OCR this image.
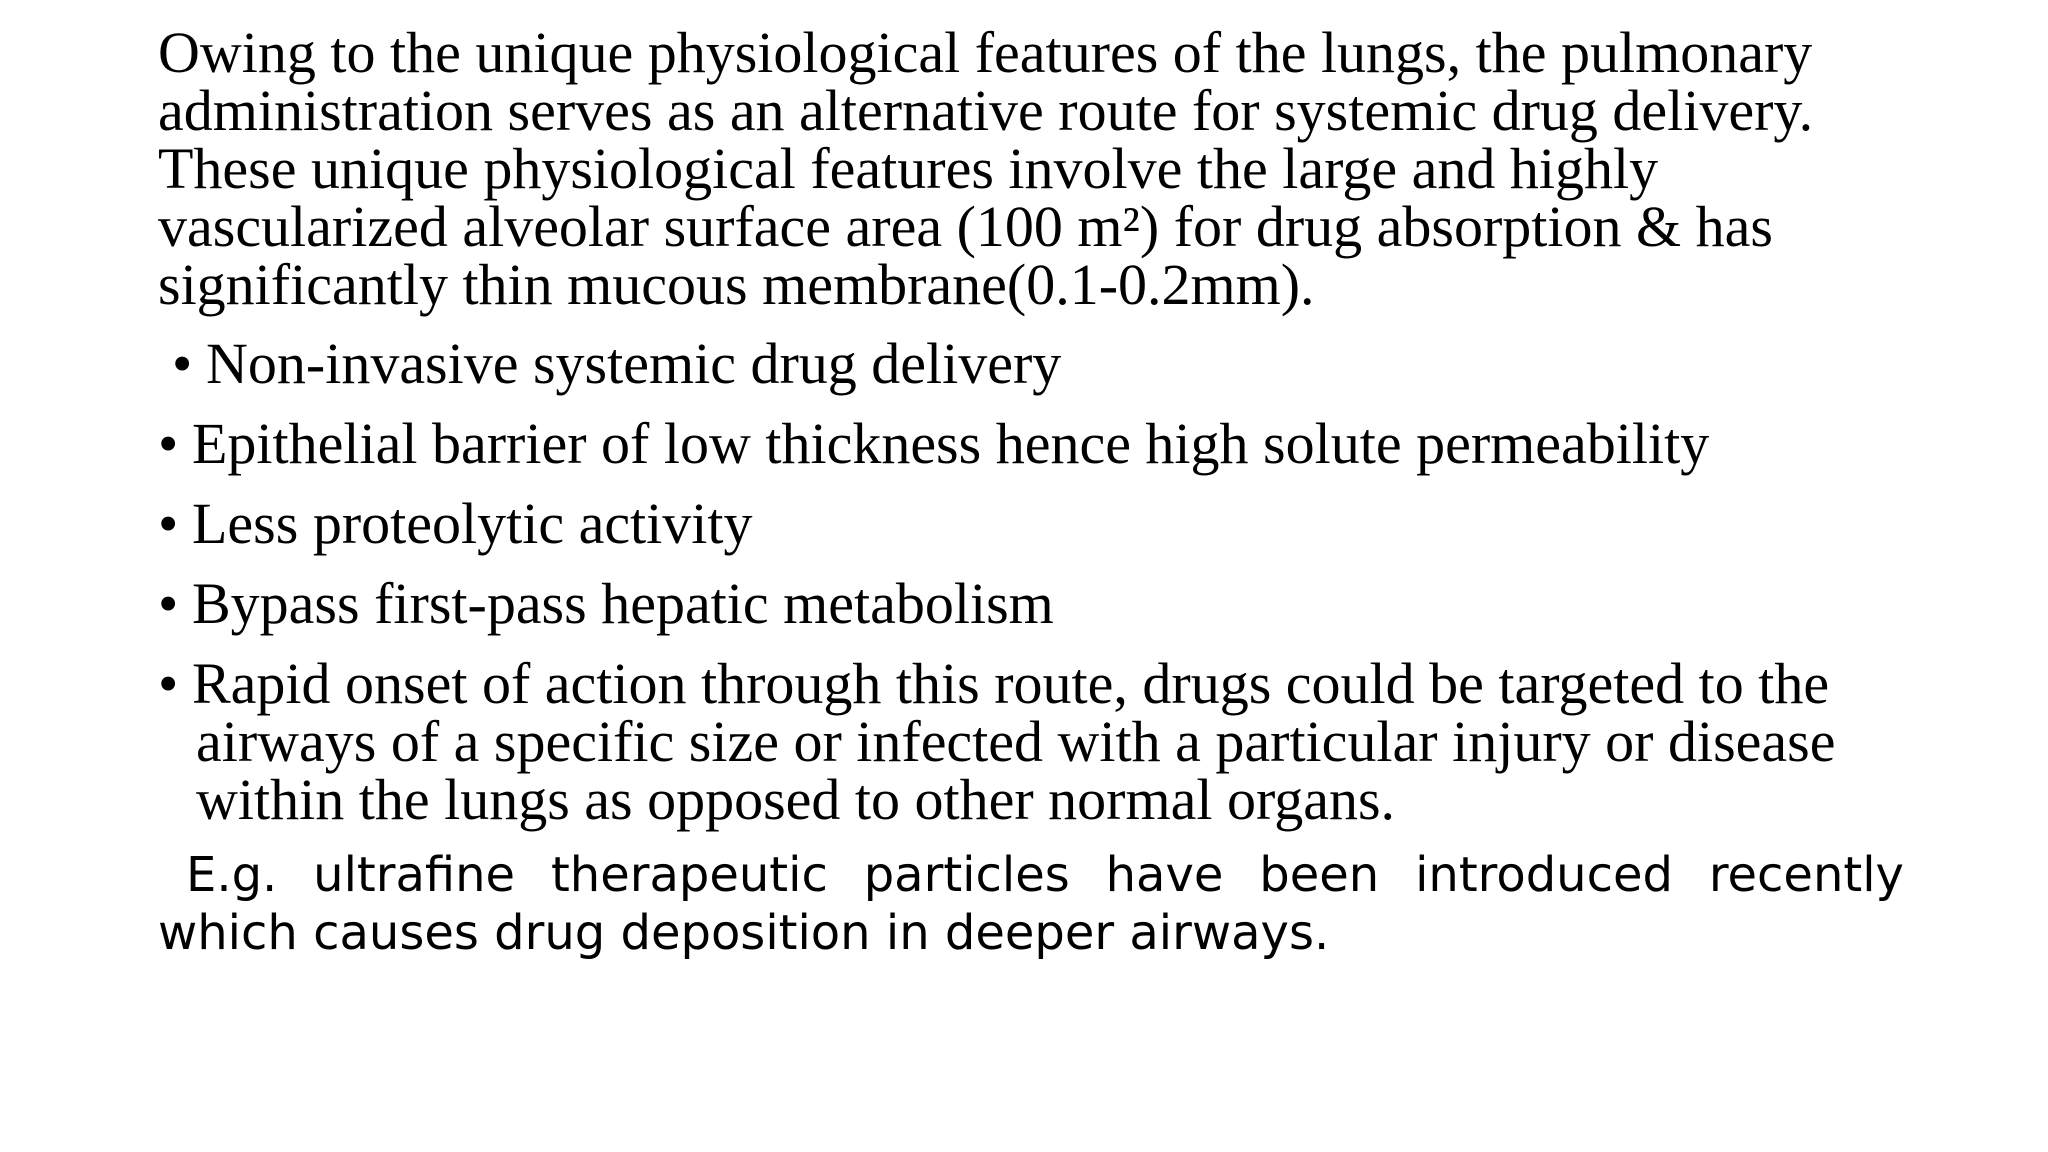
Owing to the unique physiological features of the lungs, the pulmonary
administration serves as an alternative route for systemic drug delivery.
These unique physiological features involve the large and highly
vascularized alveolar surface area (100 m²) for drug absorption & has
significantly thin mucous membrane(0.1-0.2mm).

• Non-invasive systemic drug delivery
• Epithelial barrier of low thickness hence high solute permeability
• Less proteolytic activity
• Bypass first-pass hepatic metabolism
• Rapid onset of action through this route, drugs could be targeted to the
airways of a specific size or infected with a particular injury or disease
within the lungs as opposed to other normal organs.
E.g. ultrafine therapeutic particles have been introduced recently
which causes drug deposition in deeper airways.
